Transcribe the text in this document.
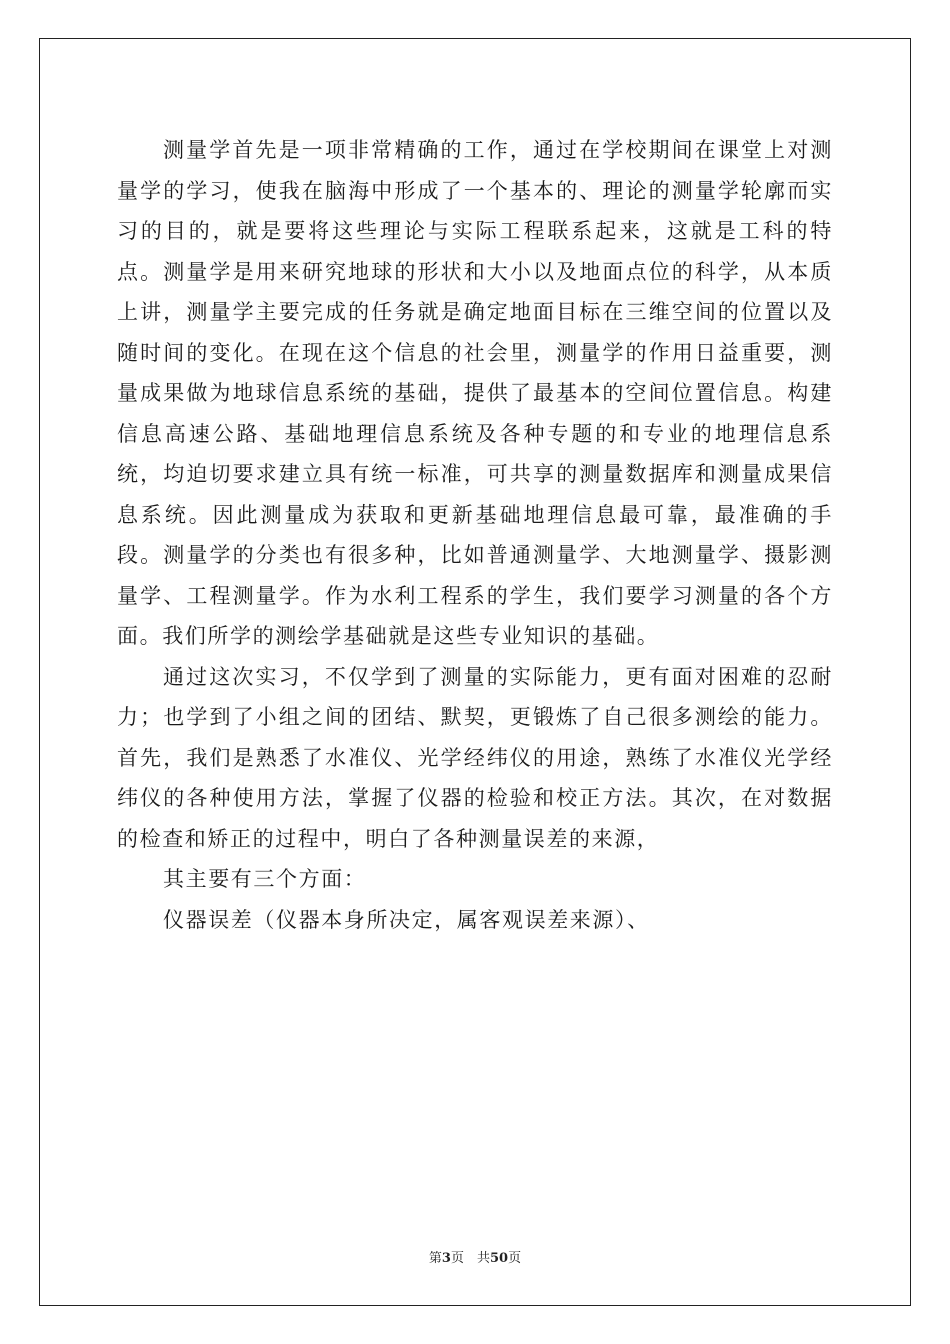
测量学首先是一项非常精确的工作，通过在学校期间在课堂上对测量学的学习，使我在脑海中形成了一个基本的、理论的测量学轮廓而实习的目的，就是要将这些理论与实际工程联系起来，这就是工科的特点。测量学是用来研究地球的形状和大小以及地面点位的科学，从本质上讲，测量学主要完成的任务就是确定地面目标在三维空间的位置以及随时间的变化。在现在这个信息的社会里，测量学的作用日益重要，测量成果做为地球信息系统的基础，提供了最基本的空间位置信息。构建信息高速公路、基础地理信息系统及各种专题的和专业的地理信息系统，均迫切要求建立具有统一标准，可共享的测量数据库和测量成果信息系统。因此测量成为获取和更新基础地理信息最可靠，最准确的手段。测量学的分类也有很多种，比如普通测量学、大地测量学、摄影测量学、工程测量学。作为水利工程系的学生，我们要学习测量的各个方面。我们所学的测绘学基础就是这些专业知识的基础。

通过这次实习，不仅学到了测量的实际能力，更有面对困难的忍耐力；也学到了小组之间的团结、默契，更锻炼了自己很多测绘的能力。首先，我们是熟悉了水准仪、光学经纬仪的用途，熟练了水准仪光学经纬仪的各种使用方法，掌握了仪器的检验和校正方法。其次，在对数据的检查和矫正的过程中，明白了各种测量误差的来源，

其主要有三个方面：

仪器误差（仪器本身所决定，属客观误差来源）、

第3页　共50页
